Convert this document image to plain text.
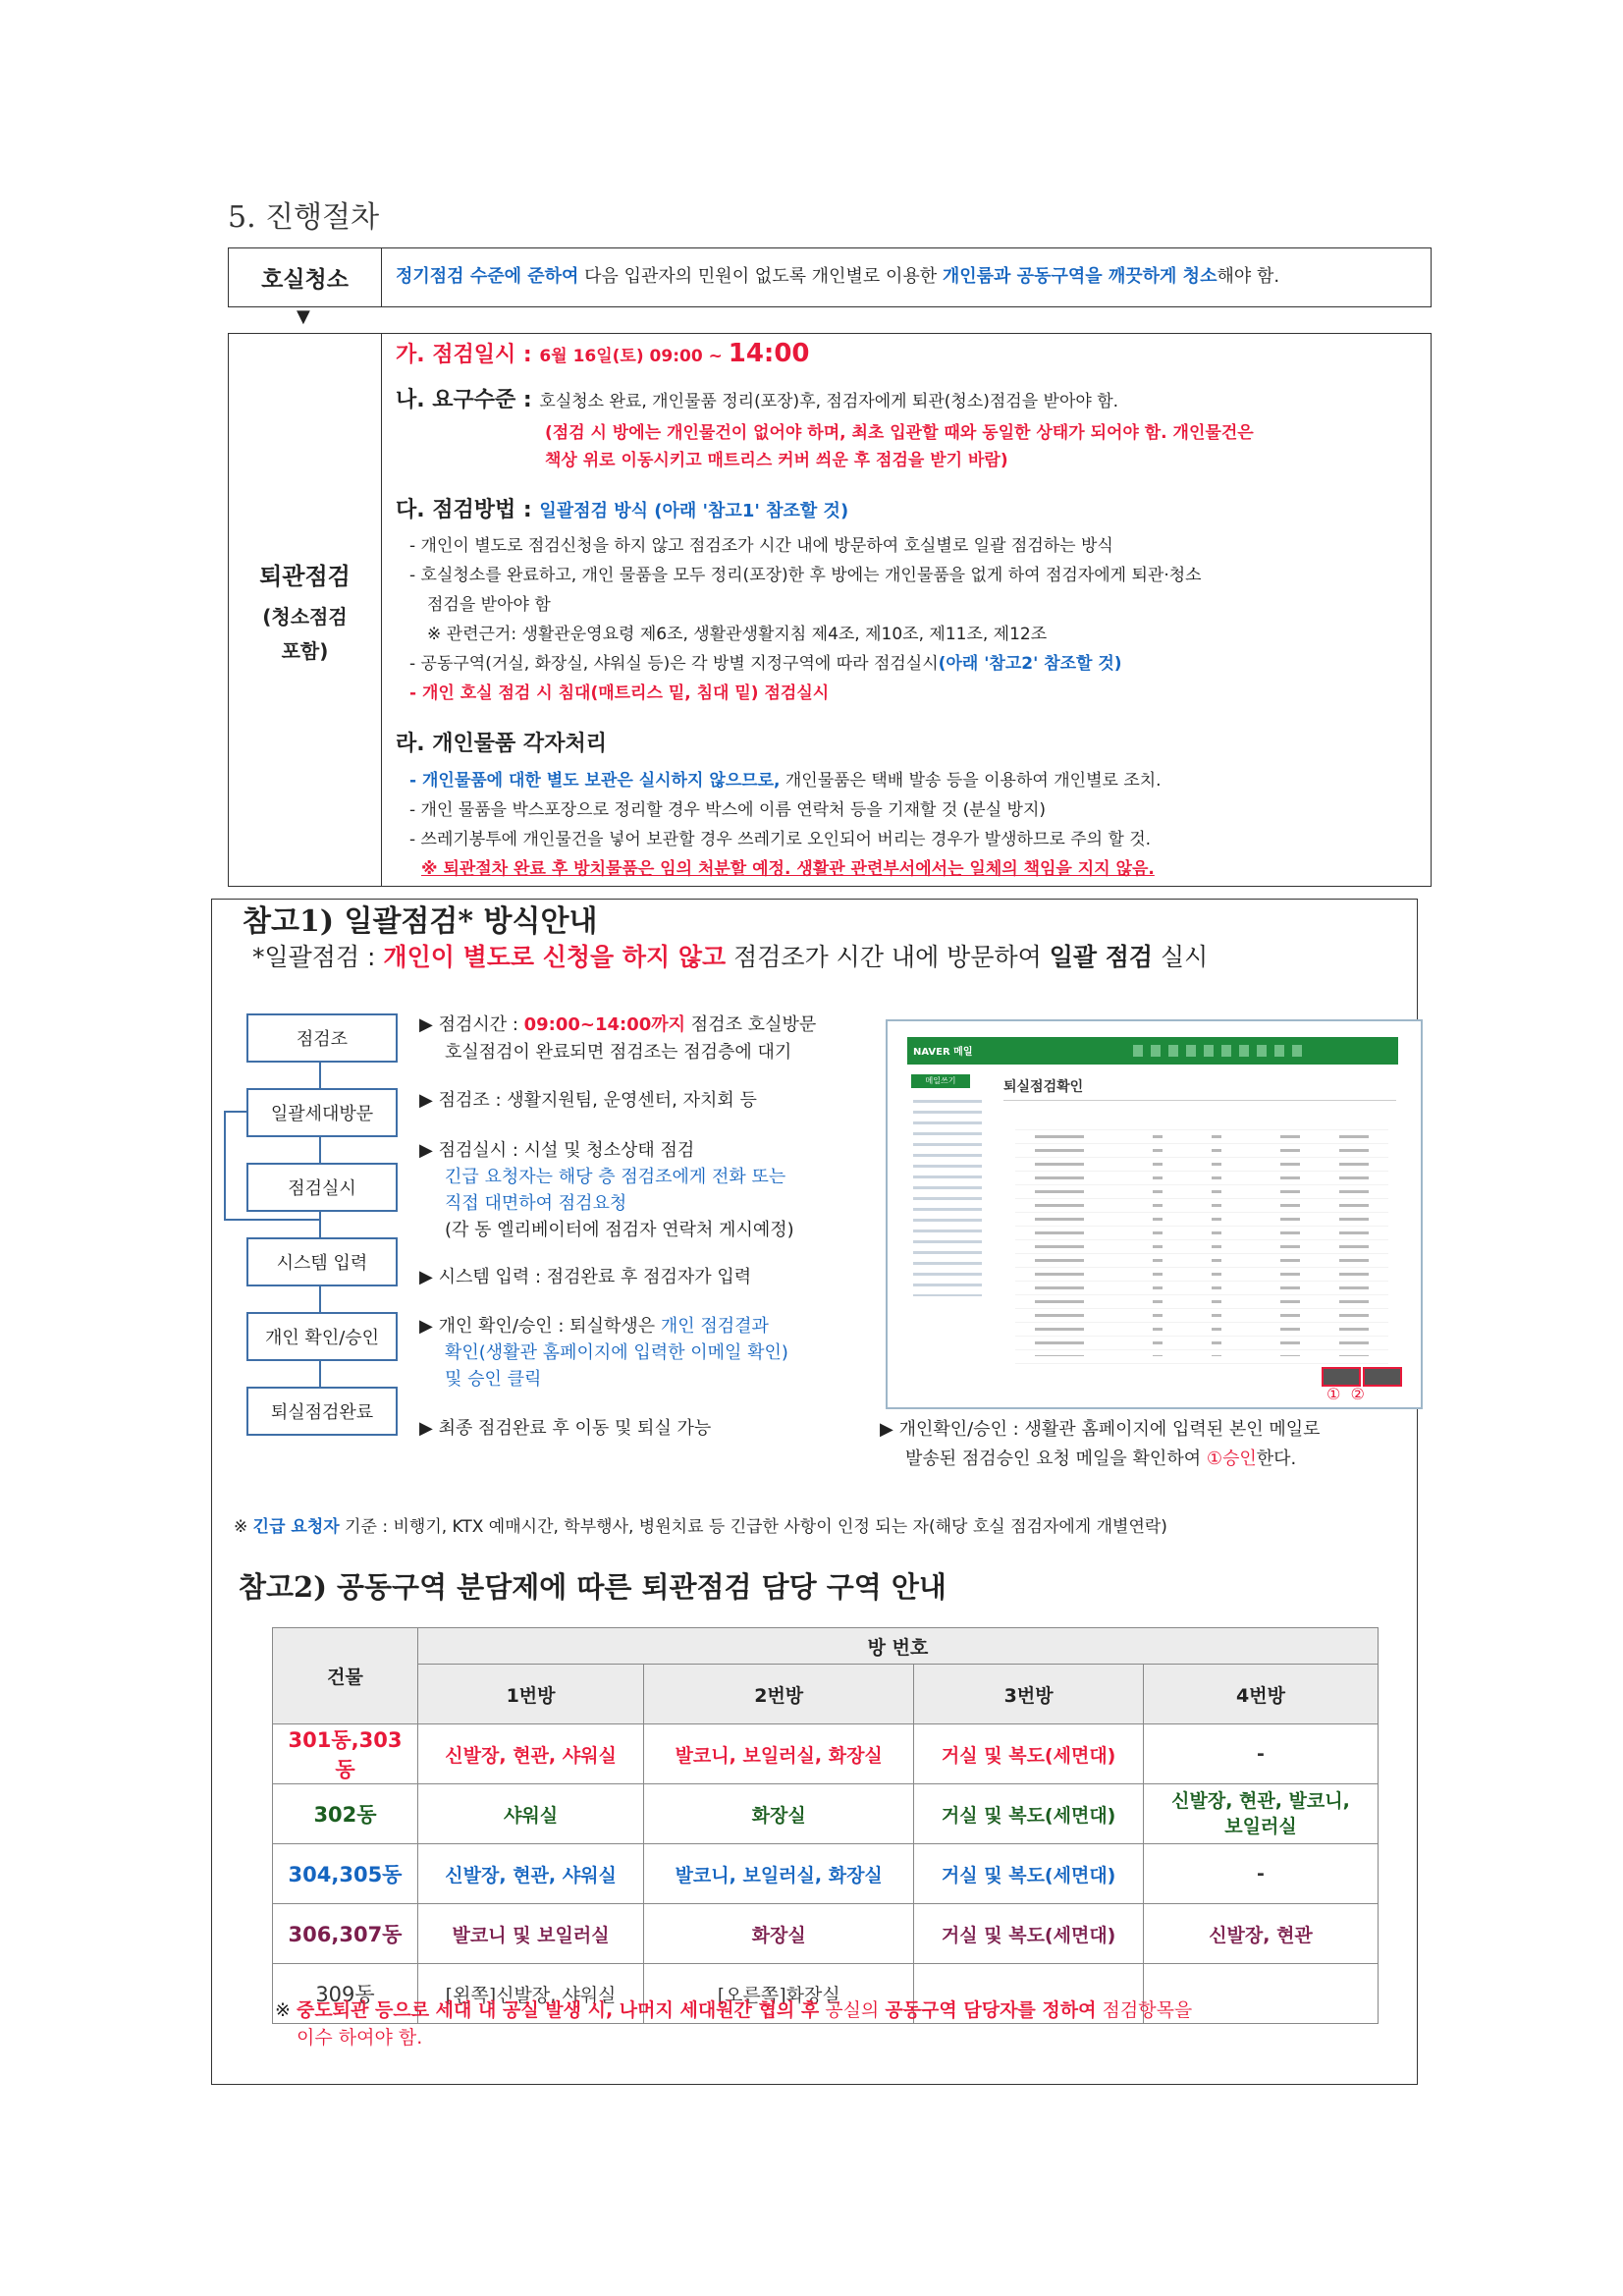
5. 진행절차
호실청소	정기점검 수준에 준하여 다음 입관자의 민원이 없도록 개인별로 이용한 개인룸과 공동구역을 깨끗하게 청소해야 함.
▼
퇴관점검
(청소점검
포함)
가. 점검일시 : 6월 16일(토) 09:00 ~ 14:00
나. 요구수준 : 호실청소 완료, 개인물품 정리(포장)후, 점검자에게 퇴관(청소)점검을 받아야 함.
(점검 시 방에는 개인물건이 없어야 하며, 최초 입관할 때와 동일한 상태가 되어야 함. 개인물건은
책상 위로 이동시키고 매트리스 커버 씌운 후 점검을 받기 바람)
다. 점검방법 : 일괄점검 방식 (아래 '참고1' 참조할 것)
- 개인이 별도로 점검신청을 하지 않고 점검조가 시간 내에 방문하여 호실별로 일괄 점검하는 방식
- 호실청소를 완료하고, 개인 물품을 모두 정리(포장)한 후 방에는 개인물품을 없게 하여 점검자에게 퇴관·청소
점검을 받아야 함
※ 관련근거: 생활관운영요령 제6조, 생활관생활지침 제4조, 제10조, 제11조, 제12조
- 공동구역(거실, 화장실, 샤워실 등)은 각 방별 지정구역에 따라 점검실시(아래 '참고2' 참조할 것)
- 개인 호실 점검 시 침대(매트리스 밑, 침대 밑) 점검실시
라. 개인물품 각자처리
- 개인물품에 대한 별도 보관은 실시하지 않으므로, 개인물품은 택배 발송 등을 이용하여 개인별로 조치.
- 개인 물품을 박스포장으로 정리할 경우 박스에 이름 연락처 등을 기재할 것 (분실 방지)
- 쓰레기봉투에 개인물건을 넣어 보관할 경우 쓰레기로 오인되어 버리는 경우가 발생하므로 주의 할 것.
※ 퇴관절차 완료 후 방치물품은 임의 처분할 예정. 생활관 관련부서에서는 일체의 책임을 지지 않음.
참고1) 일괄점검* 방식안내
*일괄점검 : 개인이 별도로 신청을 하지 않고 점검조가 시간 내에 방문하여 일괄 점검 실시
점검조
일괄세대방문
점검실시
시스템 입력
개인 확인/승인
퇴실점검완료
▶ 점검시간 : 09:00~14:00까지 점검조 호실방문
호실점검이 완료되면 점검조는 점검층에 대기
▶ 점검조 : 생활지원팀, 운영센터, 자치회 등
▶ 점검실시 : 시설 및 청소상태 점검
긴급 요청자는 해당 층 점검조에게 전화 또는
직접 대면하여 점검요청
(각 동 엘리베이터에 점검자 연락처 게시예정)
▶ 시스템 입력 : 점검완료 후 점검자가 입력
▶ 개인 확인/승인 : 퇴실학생은 개인 점검결과
확인(생활관 홈페이지에 입력한 이메일 확인)
및 승인 클릭
▶ 최종 점검완료 후 이동 및 퇴실 가능
NAVER 메일
메일쓰기	퇴실점검확인
①  ②
▶ 개인확인/승인 : 생활관 홈페이지에 입력된 본인 메일로
발송된 점검승인 요청 메일을 확인하여 ①승인한다.
※ 긴급 요청자 기준 : 비행기, KTX 예매시간, 학부행사, 병원치료 등 긴급한 사항이 인정 되는 자(해당 호실 점검자에게 개별연락)
참고2) 공동구역 분담제에 따른 퇴관점검 담당 구역 안내
건물	방 번호			
	1번방	2번방	3번방	4번방
301동,303동	신발장, 현관, 샤워실	발코니, 보일러실, 화장실	거실 및 복도(세면대)	-
302동	샤워실	화장실	거실 및 복도(세면대)	신발장, 현관, 발코니,
보일러실
304,305동	신발장, 현관, 샤워실	발코니, 보일러실, 화장실	거실 및 복도(세면대)	-
306,307동	발코니 및 보일러실	화장실	거실 및 복도(세면대)	신발장, 현관
309동	[왼쪽]신발장, 샤워실	[오른쪽]화장실		
※ 중도퇴관 등으로 세대 내 공실 발생 시, 나머지 세대원간 협의 후 공실의 공동구역 담당자를 정하여 점검항목을
이수 하여야 함.
